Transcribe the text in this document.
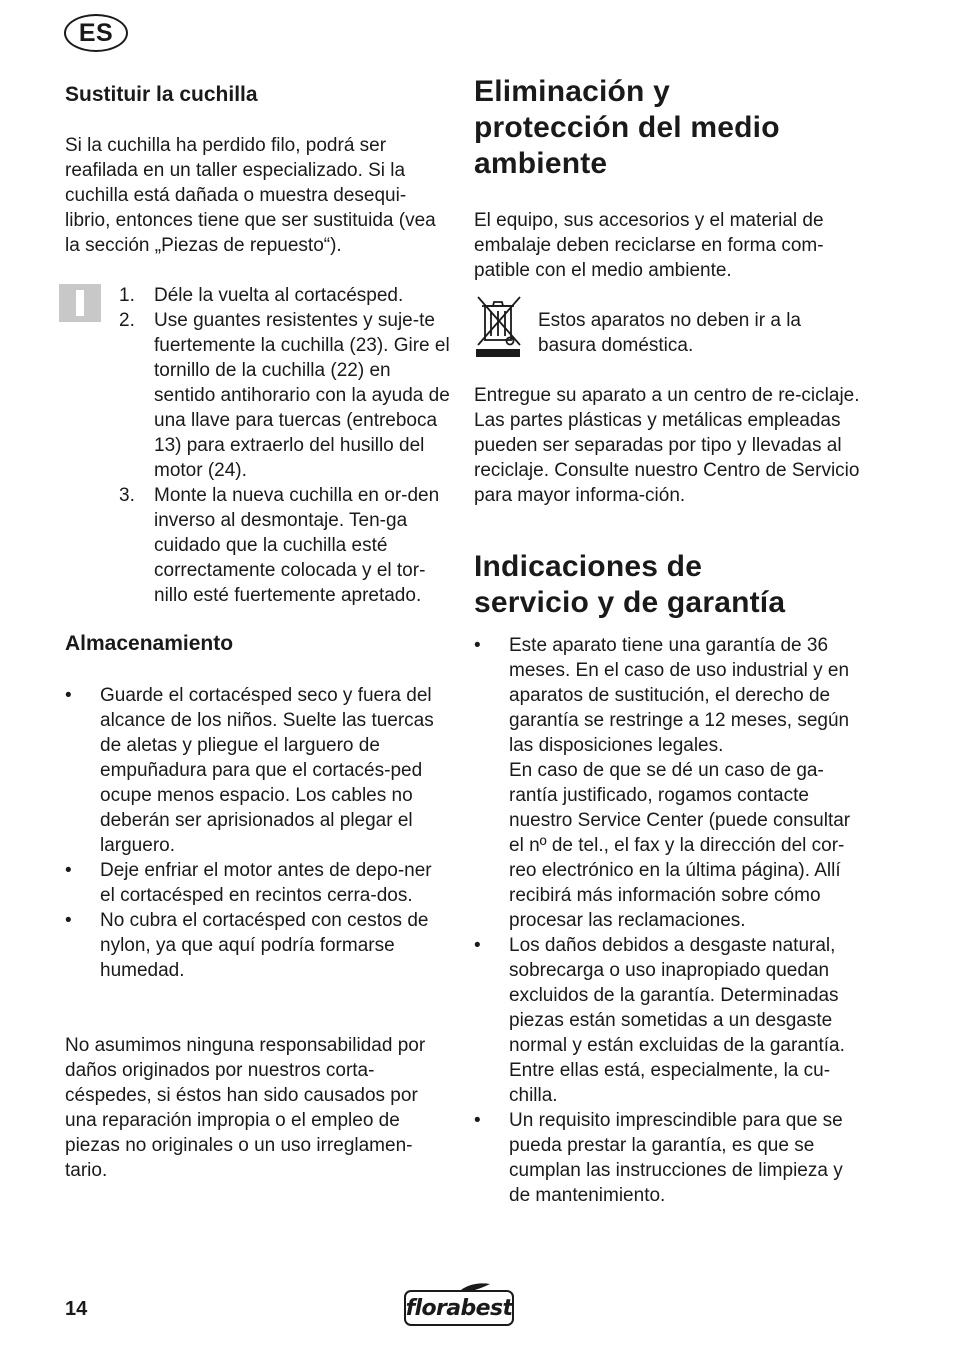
ES
Sustituir la cuchilla

Si la cuchilla ha perdido filo, podrá ser reafilada en un taller especializado. Si la cuchilla está dañada o muestra desequi-librio, entonces tiene que ser sustituida (vea la sección „Piezas de repuesto“).

1. Déle la vuelta al cortacésped.
2. Use guantes resistentes y suje-te fuertemente la cuchilla (23). Gire el tornillo de la cuchilla (22) en sentido antihorario con la ayuda de una llave para tuercas (entreboca 13) para extraerlo del husillo del motor (24).
3. Monte la nueva cuchilla en or-den inverso al desmontaje. Ten-ga cuidado que la cuchilla esté correctamente colocada y el tor-nillo esté fuertemente apretado.
Almacenamiento
• Guarde el cortacésped seco y fuera del alcance de los niños. Suelte las tuercas de aletas y pliegue el larguero de empuñadura para que el cortacés-ped ocupe menos espacio. Los cables no deberán ser aprisionados al plegar el larguero.
• Deje enfriar el motor antes de depo-ner el cortacésped en recintos cerra-dos.
• No cubra el cortacésped con cestos de nylon, ya que aquí podría formarse humedad.

No asumimos ninguna responsabilidad por daños originados por nuestros corta-céspedes, si éstos han sido causados por una reparación impropia o el empleo de piezas no originales o un uso irreglamen-tario.

Eliminación y
protección del medio
ambiente

El equipo, sus accesorios y el material de embalaje deben reciclarse en forma com-patible con el medio ambiente.

Estos aparatos no deben ir a la basura doméstica.

Entregue su aparato a un centro de re-ciclaje. Las partes plásticas y metálicas empleadas pueden ser separadas por tipo y llevadas al reciclaje. Consulte nuestro Centro de Servicio para mayor informa-ción.

Indicaciones de
servicio y de garantía
• Este aparato tiene una garantía de 36 meses. En el caso de uso industrial y en aparatos de sustitución, el derecho de garantía se restringe a 12 meses, según las disposiciones legales.
En caso de que se dé un caso de ga-rantía justificado, rogamos contacte nuestro Service Center (puede consultar el nº de tel., el fax y la dirección del cor-reo electrónico en la última página). Allí recibirá más información sobre cómo procesar las reclamaciones.
• Los daños debidos a desgaste natural, sobrecarga o uso inapropiado quedan excluidos de la garantía. Determinadas piezas están sometidas a un desgaste normal y están excluidas de la garantía. Entre ellas está, especialmente, la cu-chilla.
• Un requisito imprescindible para que se pueda prestar la garantía, es que se cumplan las instrucciones de limpieza y de mantenimiento.
14	florabest
